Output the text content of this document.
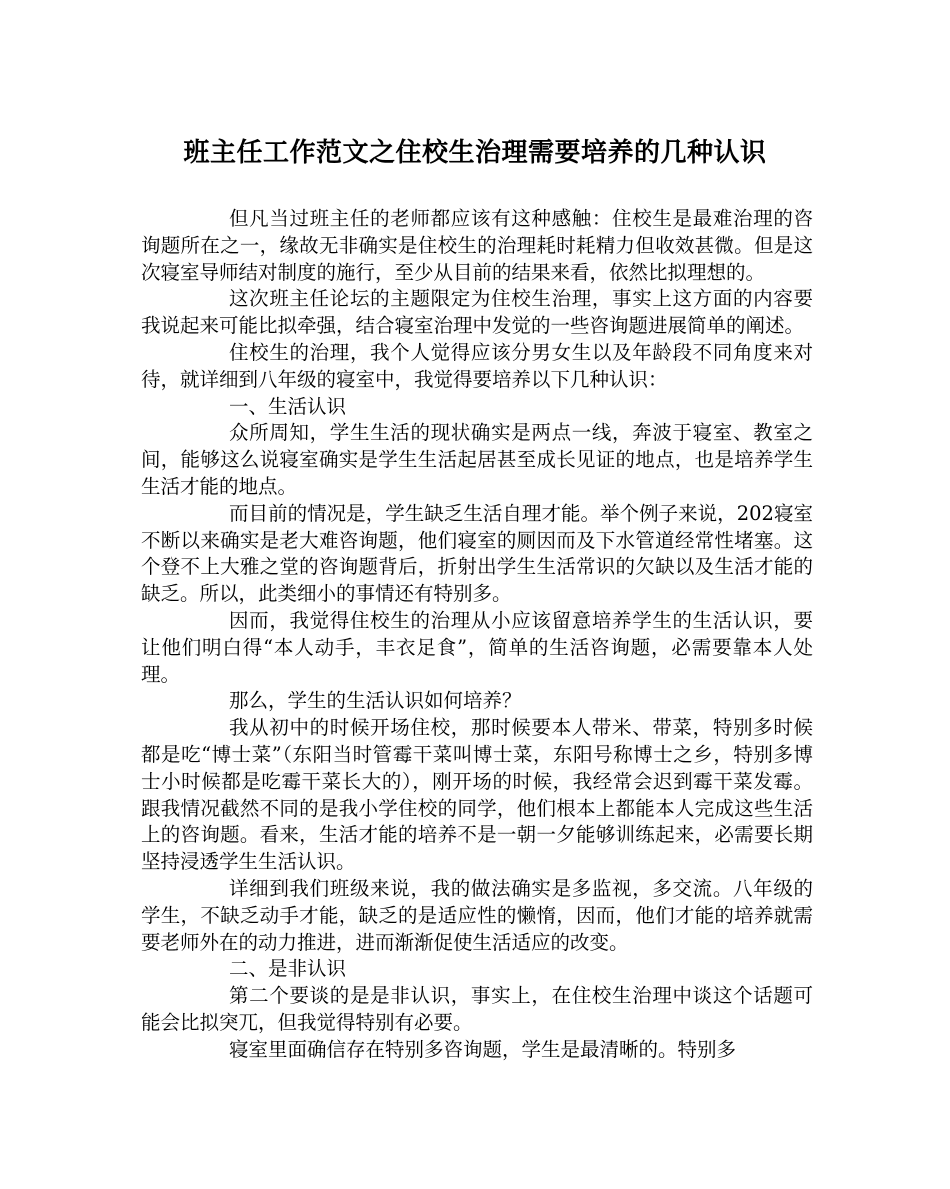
班主任工作范文之住校生治理需要培养的几种认识

但凡当过班主任的老师都应该有这种感触：住校生是最难治理的咨询题所在之一，缘故无非确实是住校生的治理耗时耗精力但收效甚微。但是这次寝室导师结对制度的施行，至少从目前的结果来看，依然比拟理想的。

这次班主任论坛的主题限定为住校生治理，事实上这方面的内容要我说起来可能比拟牵强，结合寝室治理中发觉的一些咨询题进展简单的阐述。

住校生的治理，我个人觉得应该分男女生以及年龄段不同角度来对待，就详细到八年级的寝室中，我觉得要培养以下几种认识：

一、生活认识

众所周知，学生生活的现状确实是两点一线，奔波于寝室、教室之间，能够这么说寝室确实是学生生活起居甚至成长见证的地点，也是培养学生生活才能的地点。

而目前的情况是，学生缺乏生活自理才能。举个例子来说，202寝室不断以来确实是老大难咨询题，他们寝室的厕因而及下水管道经常性堵塞。这个登不上大雅之堂的咨询题背后，折射出学生生活常识的欠缺以及生活才能的缺乏。所以，此类细小的事情还有特别多。

因而，我觉得住校生的治理从小应该留意培养学生的生活认识，要让他们明白得“本人动手，丰衣足食”，简单的生活咨询题，必需要靠本人处理。

那么，学生的生活认识如何培养？

我从初中的时候开场住校，那时候要本人带米、带菜，特别多时候都是吃“博士菜”（东阳当时管霉干菜叫博士菜，东阳号称博士之乡，特别多博士小时候都是吃霉干菜长大的），刚开场的时候，我经常会迟到霉干菜发霉。跟我情况截然不同的是我小学住校的同学，他们根本上都能本人完成这些生活上的咨询题。看来，生活才能的培养不是一朝一夕能够训练起来，必需要长期坚持浸透学生生活认识。

详细到我们班级来说，我的做法确实是多监视，多交流。八年级的学生，不缺乏动手才能，缺乏的是适应性的懒惰，因而，他们才能的培养就需要老师外在的动力推进，进而渐渐促使生活适应的改变。

二、是非认识

第二个要谈的是是非认识，事实上，在住校生治理中谈这个话题可能会比拟突兀，但我觉得特别有必要。

寝室里面确信存在特别多咨询题，学生是最清晰的。特别多
